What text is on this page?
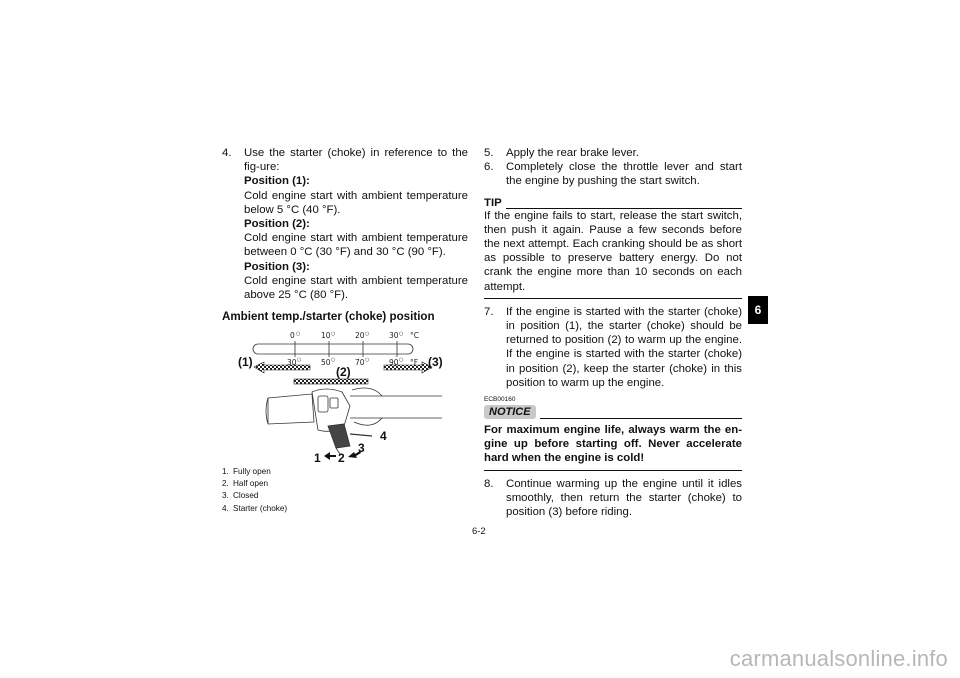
4. Use the starter (choke) in reference to the fig-ure:
Position (1):
Cold engine start with ambient temperature below 5 °C (40 °F).
Position (2):
Cold engine start with ambient temperature between 0 °C (30 °F) and 30 °C (90 °F).
Position (3):
Cold engine start with ambient temperature above 25 °C (80 °F).
Ambient temp./starter (choke) position
0 ○	10 ○	20 ○	30 ○ °C
30 ○	50 ○	70 ○	90 ○ °F
(1)
(2)
(3)
1 2
3
4
1. Fully open
2. Half open
3. Closed
4. Starter (choke)
5. Apply the rear brake lever.
6. Completely close the throttle lever and start the engine by pushing the start switch.
TIP
If the engine fails to start, release the start switch, then push it again. Pause a few seconds before the next attempt. Each cranking should be as short as possible to preserve battery energy. Do not crank the engine more than 10 seconds on each attempt.
7. If the engine is started with the starter (choke) in position (1), the starter (choke) should be returned to position (2) to warm up the engine. If the engine is started with the starter (choke) in position (2), keep the starter (choke) in this position to warm up the engine.
ECB00160
NOTICE
For maximum engine life, always warm the en-gine up before starting off. Never accelerate hard when the engine is cold!
8. Continue warming up the engine until it idles smoothly, then return the starter (choke) to position (3) before riding.
6
6-2
carmanualsonline.info
